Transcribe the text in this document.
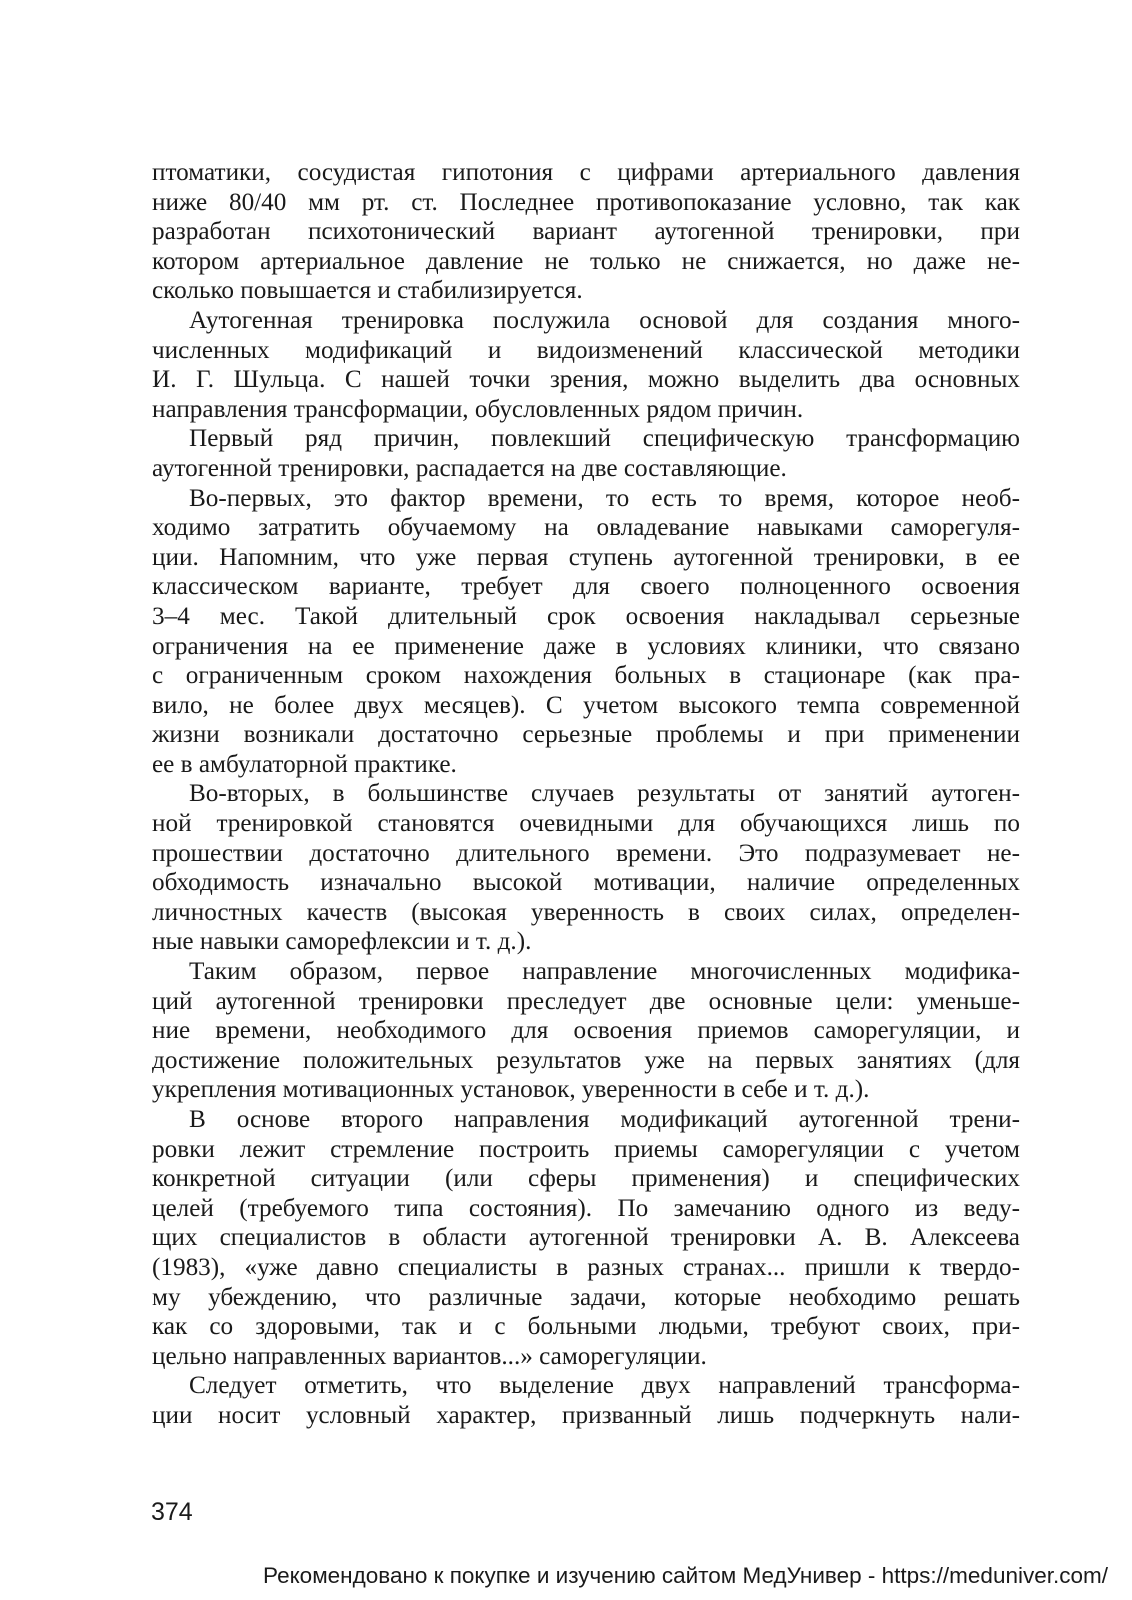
птоматики, сосудистая гипотония с цифрами артериального давления
ниже 80/40 мм рт. ст. Последнее противопоказание условно, так как
разработан психотонический вариант аутогенной тренировки, при
котором артериальное давление не только не снижается, но даже не-
сколько повышается и стабилизируется.
Аутогенная тренировка послужила основой для создания много-
численных модификаций и видоизменений классической методики
И. Г. Шульца. С нашей точки зрения, можно выделить два основных
направления трансформации, обусловленных рядом причин.
Первый ряд причин, повлекший специфическую трансформацию
аутогенной тренировки, распадается на две составляющие.
Во-первых, это фактор времени, то есть то время, которое необ-
ходимо затратить обучаемому на овладевание навыками саморегуля-
ции. Напомним, что уже первая ступень аутогенной тренировки, в ее
классическом варианте, требует для своего полноценного освоения
3–4 мес. Такой длительный срок освоения накладывал серьезные
ограничения на ее применение даже в условиях клиники, что связано
с ограниченным сроком нахождения больных в стационаре (как пра-
вило, не более двух месяцев). С учетом высокого темпа современной
жизни возникали достаточно серьезные проблемы и при применении
ее в амбулаторной практике.
Во-вторых, в большинстве случаев результаты от занятий аутоген-
ной тренировкой становятся очевидными для обучающихся лишь по
прошествии достаточно длительного времени. Это подразумевает не-
обходимость изначально высокой мотивации, наличие определенных
личностных качеств (высокая уверенность в своих силах, определен-
ные навыки саморефлексии и т. д.).
Таким образом, первое направление многочисленных модифика-
ций аутогенной тренировки преследует две основные цели: уменьше-
ние времени, необходимого для освоения приемов саморегуляции, и
достижение положительных результатов уже на первых занятиях (для
укрепления мотивационных установок, уверенности в себе и т. д.).
В основе второго направления модификаций аутогенной трени-
ровки лежит стремление построить приемы саморегуляции с учетом
конкретной ситуации (или сферы применения) и специфических
целей (требуемого типа состояния). По замечанию одного из веду-
щих специалистов в области аутогенной тренировки А. В. Алексеева
(1983), «уже давно специалисты в разных странах... пришли к твердо-
му убеждению, что различные задачи, которые необходимо решать
как со здоровыми, так и с больными людьми, требуют своих, при-
цельно направленных вариантов...» саморегуляции.
Следует отметить, что выделение двух направлений трансформа-
ции носит условный характер, призванный лишь подчеркнуть нали-
374
Рекомендовано к покупке и изучению сайтом МедУнивер - https://meduniver.com/
